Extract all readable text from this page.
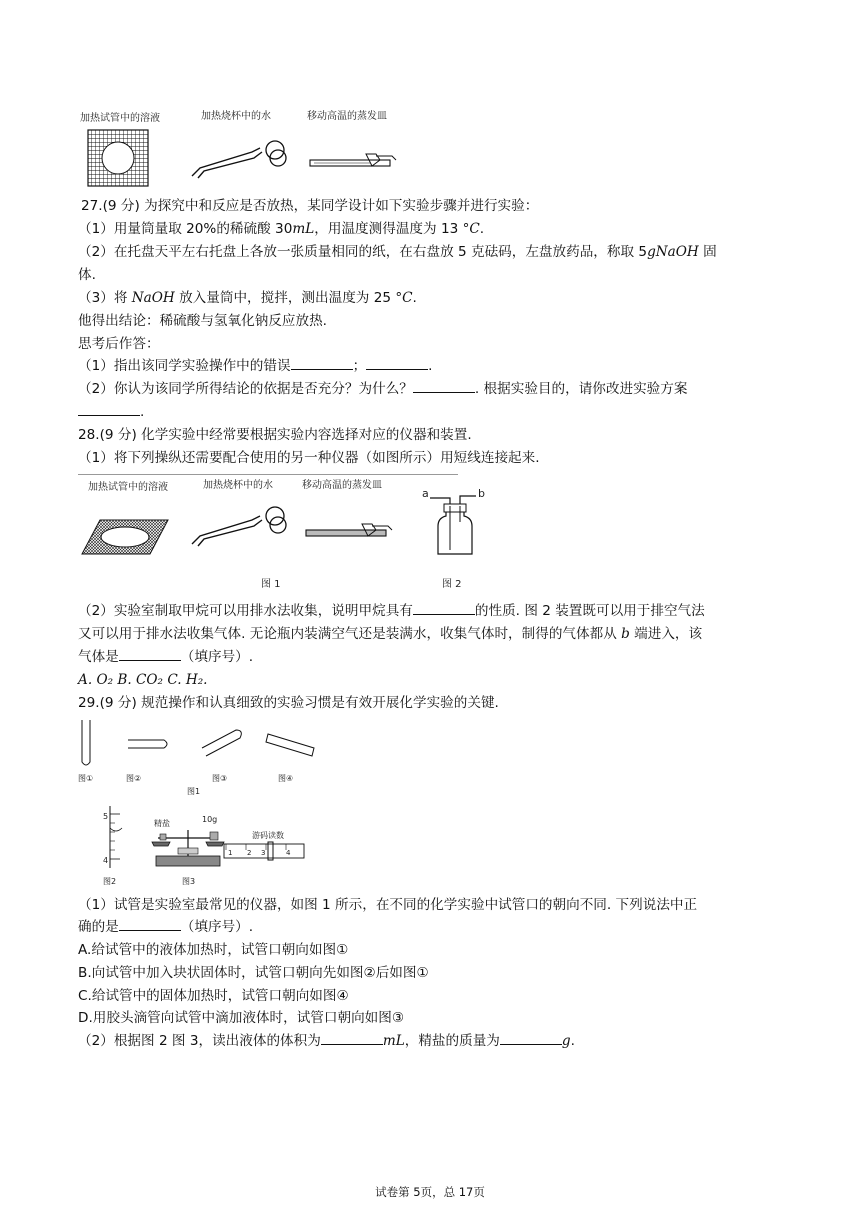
加热试管中的溶液	加热烧杯中的水	移动高温的蒸发皿
27.(9 分) 为探究中和反应是否放热，某同学设计如下实验步骤并进行实验：
（1）用量筒量取 20%的稀硫酸 30mL，用温度测得温度为 13 °C.
（2）在托盘天平左右托盘上各放一张质量相同的纸，在右盘放 5 克砝码，左盘放药品，称取 5gNaOH 固
体.
（3）将 NaOH 放入量筒中，搅拌，测出温度为 25 °C.
他得出结论：稀硫酸与氢氧化钠反应放热.
思考后作答：
（1）指出该同学实验操作中的错误	；	.
（2）你认为该同学所得结论的依据是否充分？为什么？	. 根据实验目的，请你改进实验方案
.
28.(9 分) 化学实验中经常要根据实验内容选择对应的仪器和装置.
（1）将下列操纵还需要配合使用的另一种仪器（如图所示）用短线连接起来.
加热试管中的溶液	加热烧杯中的水	移动高温的蒸发皿
a	b
图 1	图 2
（2）实验室制取甲烷可以用排水法收集，说明甲烷具有	的性质. 图 2 装置既可以用于排空气法
又可以用于排水法收集气体. 无论瓶内装满空气还是装满水，收集气体时，制得的气体都从 b 端进入，该
气体是	（填序号）.
A. O₂ B. CO₂ C. H₂.
29.(9 分) 规范操作和认真细致的实验习惯是有效开展化学实验的关键.
图①	图②	图③	图④
图1
5
4
图2
精盐	10g
图3
游码读数
1 2 3	4
（1）试管是实验室最常见的仪器，如图 1 所示，在不同的化学实验中试管口的朝向不同. 下列说法中正
确的是	（填序号）.
A.给试管中的液体加热时，试管口朝向如图①
B.向试管中加入块状固体时，试管口朝向先如图②后如图①
C.给试管中的固体加热时，试管口朝向如图④
D.用胶头滴管向试管中滴加液体时，试管口朝向如图③
（2）根据图 2 图 3，读出液体的体积为	mL，精盐的质量为	g.
试卷第 5页，总 17页
